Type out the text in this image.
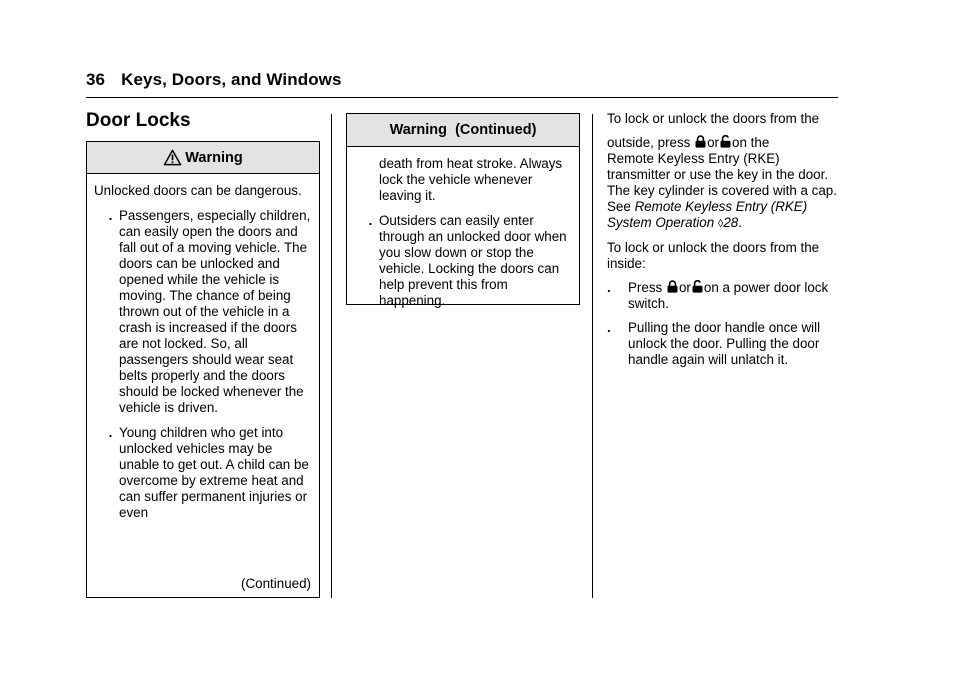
36 Keys, Doors, and Windows
Door Locks
Warning

Unlocked doors can be dangerous.

.
Passengers, especially children, can easily open the doors and fall out of a moving vehicle. The doors can be unlocked and opened while the vehicle is moving. The chance of being thrown out of the vehicle in a crash is increased if the doors are not locked. So, all passengers should wear seat belts properly and the doors should be locked whenever the vehicle is driven.
.
Young children who get into unlocked vehicles may be unable to get out. A child can be overcome by extreme heat and can suffer permanent injuries or even
(Continued)
Warning  (Continued)
death from heat stroke. Always lock the vehicle whenever leaving it.
.
Outsiders can easily enter through an unlocked door when you slow down or stop the vehicle. Locking the doors can help prevent this from happening.

To lock or unlock the doors from the
outside, press or on the
Remote Keyless Entry (RKE) transmitter or use the key in the door. The key cylinder is covered with a cap. See Remote Keyless Entry (RKE) System Operation ◊28.

To lock or unlock the doors from the inside:

.
Press or on a power door lock switch.
.
Pulling the door handle once will unlock the door. Pulling the door handle again will unlatch it.
